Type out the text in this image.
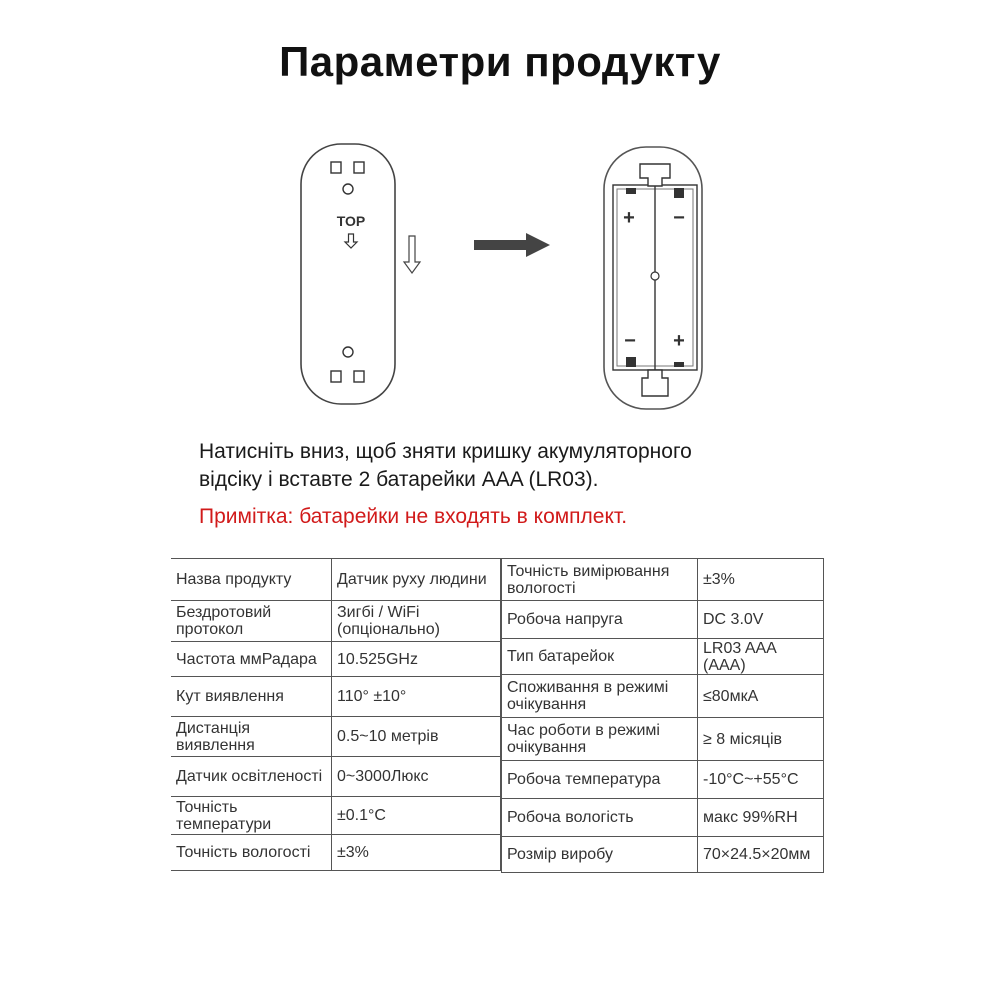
Параметри продукту
TOP	+ −
− +
Натисніть вниз, щоб зняти кришку акумуляторного
відсіку і вставте 2 батарейки AAA (LR03).
Примітка: батарейки не входять в комплект.
Назва продукту	Датчик руху людини
Бездротовий протокол	Зигбі / WiFi (опціонально)
Частота ммРадара	10.525GHz
Кут виявлення	110° ±10°
Дистанція виявлення	0.5~10 метрів
Датчик освітленості	0~3000Люкс
Точність температури	±0.1°C
Точність вологості	±3%
Точність вимірювання вологості	±3%
Робоча напруга	DC 3.0V
Тип батарейок	LR03 AAA (AAA)
Споживання в режимі очікування	≤80мкА
Час роботи в режимі очікування	≥ 8 місяців
Робоча температура	-10°C~+55°C
Робоча вологість	макс 99%RH
Розмір виробу	70×24.5×20мм
